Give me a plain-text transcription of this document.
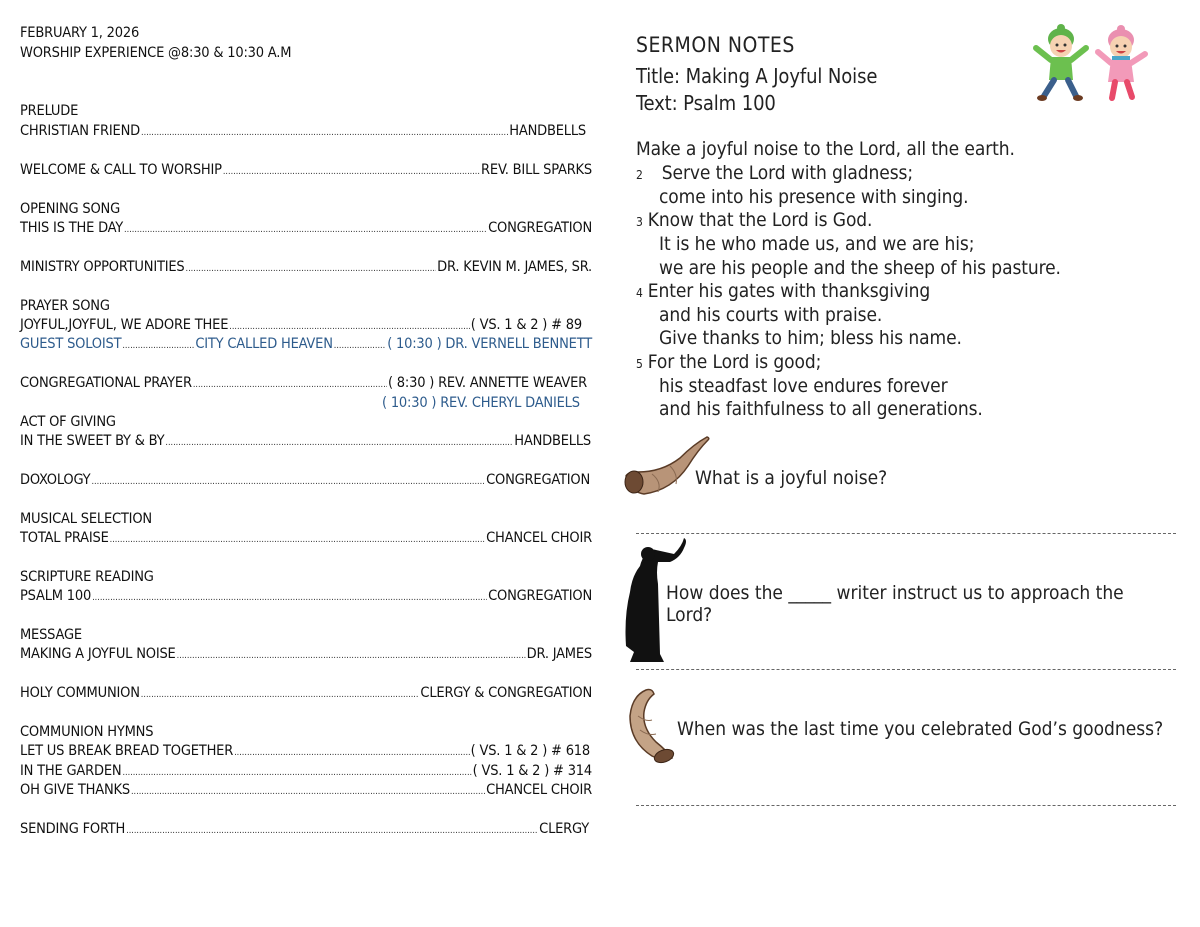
FEBRUARY 1, 2026
WORSHIP EXPERIENCE @8:30 & 10:30 A.M
PRELUDE
CHRISTIAN FRIEND .....	HANDBELLS
WELCOME & CALL TO WORSHIP .....	REV. BILL SPARKS
OPENING SONG
THIS IS THE DAY .....	CONGREGATION
MINISTRY OPPORTUNITIES .....	DR. KEVIN M. JAMES, SR.
PRAYER SONG
JOYFUL,JOYFUL, WE ADORE THEE .....	( VS. 1 & 2 ) # 89
GUEST SOLOIST .....	CITY CALLED HEAVEN .....	( 10:30 ) DR. VERNELL BENNETT
CONGREGATIONAL PRAYER .....	( 8:30 ) REV. ANNETTE WEAVER
( 10:30 ) REV. CHERYL DANIELS
ACT OF GIVING
IN THE SWEET BY & BY .....	HANDBELLS
DOXOLOGY .....	CONGREGATION
MUSICAL SELECTION
TOTAL PRAISE .....	CHANCEL CHOIR
SCRIPTURE READING
PSALM 100 .....	CONGREGATION
MESSAGE
MAKING A JOYFUL NOISE .....	DR. JAMES
HOLY COMMUNION .....	CLERGY & CONGREGATION
COMMUNION HYMNS
LET US BREAK BREAD TOGETHER .....	( VS. 1 & 2 ) # 618
IN THE GARDEN .....	( VS. 1 & 2 ) # 314
OH GIVE THANKS .....	CHANCEL CHOIR
SENDING FORTH .....	CLERGY
SERMON NOTES
Title: Making A Joyful Noise
Text: Psalm 100
Make a joyful noise to the Lord, all the earth.
2 Serve the Lord with gladness;
come into his presence with singing.
3 Know that the Lord is God.
It is he who made us, and we are his;
we are his people and the sheep of his pasture.
4 Enter his gates with thanksgiving
and his courts with praise.
Give thanks to him; bless his name.
5 For the Lord is good;
his steadfast love endures forever
and his faithfulness to all generations.
What is a joyful noise?
How does the _____ writer instruct us to approach the Lord?
When was the last time you celebrated God’s goodness?
